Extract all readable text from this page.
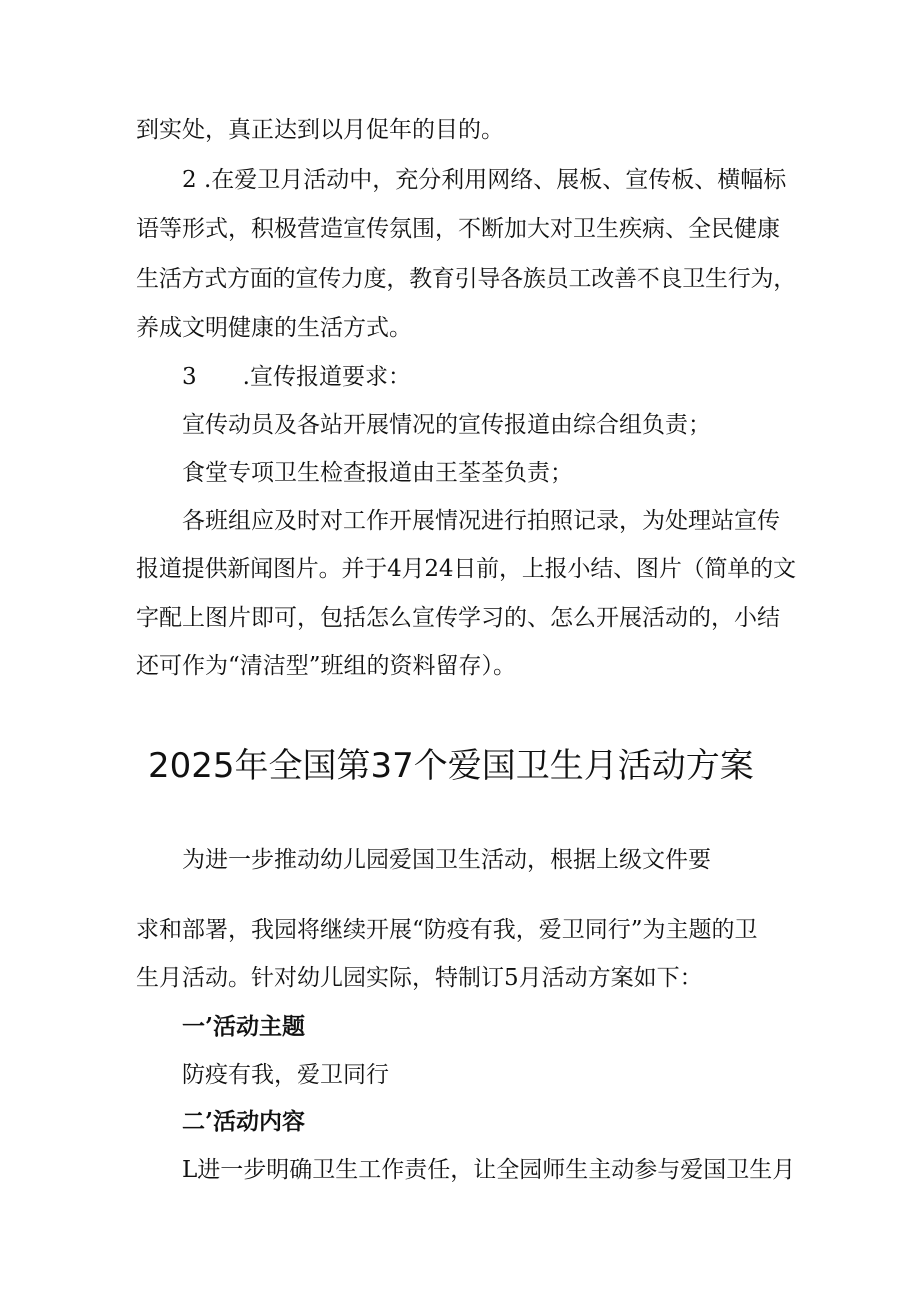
到实处，真正达到以月促年的目的。
2 .在爱卫月活动中，充分利用网络、展板、宣传板、横幅标
语等形式，积极营造宣传氛围，不断加大对卫生疾病、全民健康
生活方式方面的宣传力度，教育引导各族员工改善不良卫生行为，
养成文明健康的生活方式。
3　　.宣传报道要求：
宣传动员及各站开展情况的宣传报道由综合组负责；
食堂专项卫生检查报道由王荃荃负责；
各班组应及时对工作开展情况进行拍照记录，为处理站宣传
报道提供新闻图片。并于4月24日前，上报小结、图片（简单的文
字配上图片即可，包括怎么宣传学习的、怎么开展活动的，小结
还可作为“清洁型”班组的资料留存）。
2025年全国第37个爱国卫生月活动方案
为进一步推动幼儿园爱国卫生活动，根据上级文件要
求和部署，我园将继续开展“防疫有我，爱卫同行”为主题的卫
生月活动。针对幼儿园实际，特制订5月活动方案如下：
一’活动主题
防疫有我，爱卫同行
二’活动内容
L进一步明确卫生工作责任，让全园师生主动参与爱国卫生月
